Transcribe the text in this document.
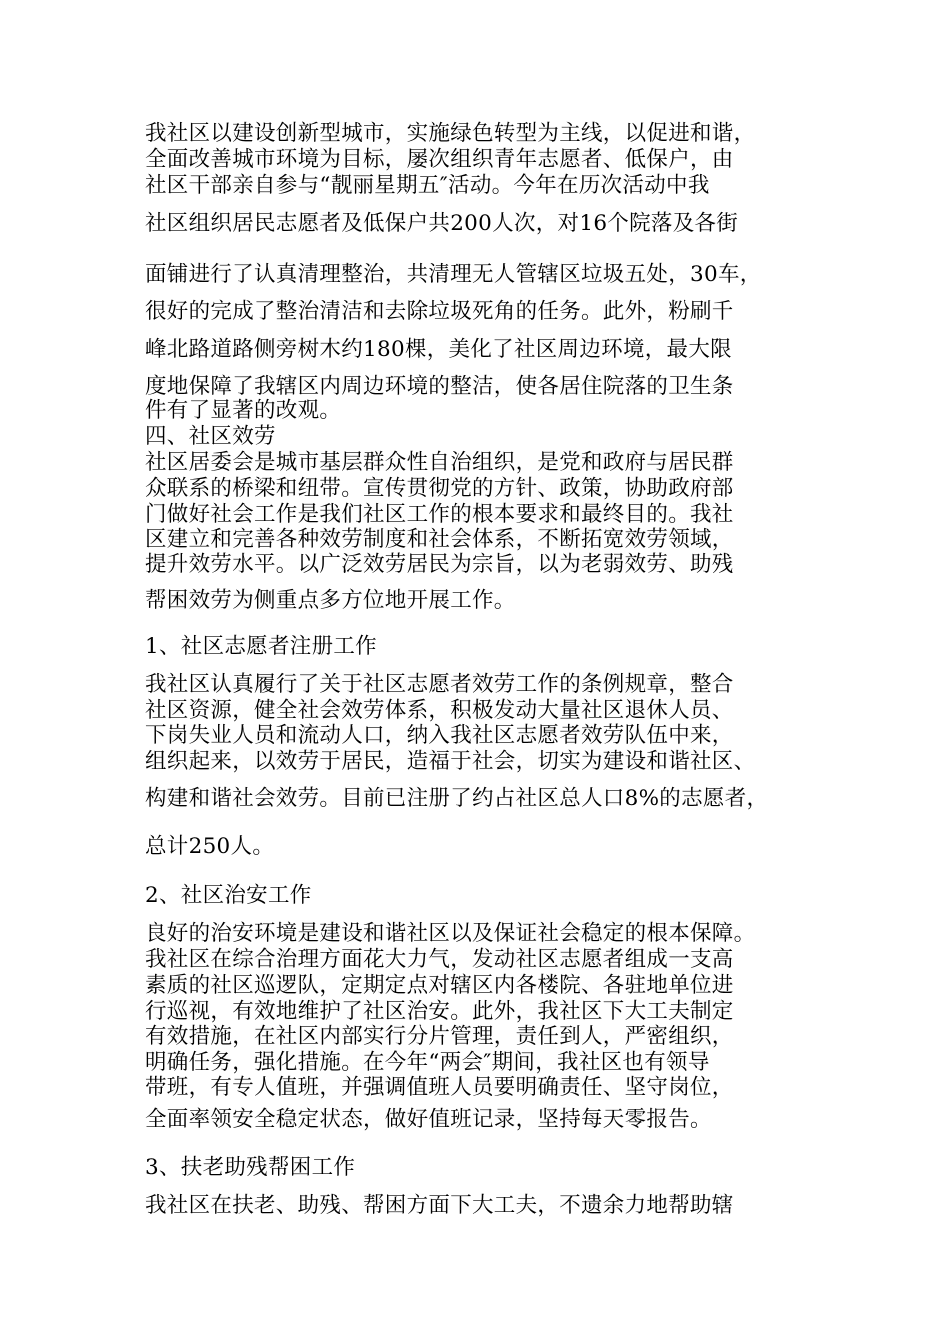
我社区以建设创新型城市，实施绿色转型为主线，以促进和谐，
全面改善城市环境为目标，屡次组织青年志愿者、低保户，由
社区干部亲自参与“靓丽星期五″活动。今年在历次活动中我
社区组织居民志愿者及低保户共200人次，对16个院落及各街
面铺进行了认真清理整治，共清理无人管辖区垃圾五处，30车，
很好的完成了整治清洁和去除垃圾死角的任务。此外，粉刷千
峰北路道路侧旁树木约180棵，美化了社区周边环境，最大限
度地保障了我辖区内周边环境的整洁，使各居住院落的卫生条
件有了显著的改观。
四、社区效劳
社区居委会是城市基层群众性自治组织，是党和政府与居民群
众联系的桥梁和纽带。宣传贯彻党的方针、政策，协助政府部
门做好社会工作是我们社区工作的根本要求和最终目的。我社
区建立和完善各种效劳制度和社会体系，不断拓宽效劳领域，
提升效劳水平。以广泛效劳居民为宗旨，以为老弱效劳、助残
帮困效劳为侧重点多方位地开展工作。
1、社区志愿者注册工作
我社区认真履行了关于社区志愿者效劳工作的条例规章，整合
社区资源，健全社会效劳体系，积极发动大量社区退休人员、
下岗失业人员和流动人口，纳入我社区志愿者效劳队伍中来，
组织起来，以效劳于居民，造福于社会，切实为建设和谐社区、
构建和谐社会效劳。目前已注册了约占社区总人口8%的志愿者，
总计250人。
2、社区治安工作
良好的治安环境是建设和谐社区以及保证社会稳定的根本保障。
我社区在综合治理方面花大力气，发动社区志愿者组成一支高
素质的社区巡逻队，定期定点对辖区内各楼院、各驻地单位进
行巡视，有效地维护了社区治安。此外，我社区下大工夫制定
有效措施，在社区内部实行分片管理，责任到人，严密组织，
明确任务，强化措施。在今年“两会″期间，我社区也有领导
带班，有专人值班，并强调值班人员要明确责任、坚守岗位，
全面率领安全稳定状态，做好值班记录，坚持每天零报告。
3、扶老助残帮困工作
我社区在扶老、助残、帮困方面下大工夫，不遗余力地帮助辖
